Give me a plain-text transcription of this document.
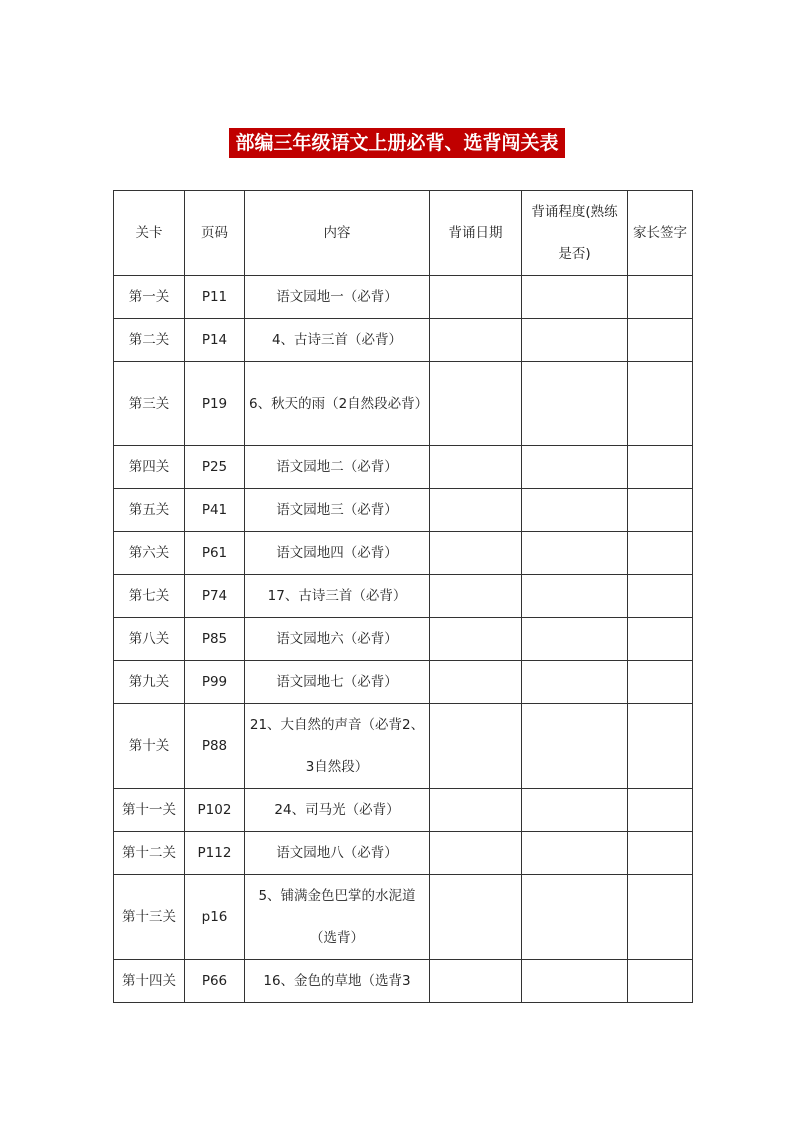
部编三年级语文上册必背、选背闯关表
关卡	页码	内容	背诵日期	背诵程度(熟练是否)	家长签字
第一关	P11	语文园地一（必背）			
第二关	P14	4、古诗三首（必背）			
第三关	P19	6、秋天的雨（2自然段必背）			
第四关	P25	语文园地二（必背）			
第五关	P41	语文园地三（必背）			
第六关	P61	语文园地四（必背）			
第七关	P74	17、古诗三首（必背）			
第八关	P85	语文园地六（必背）			
第九关	P99	语文园地七（必背）			
第十关	P88	21、大自然的声音（必背2、3自然段）			
第十一关	P102	24、司马光（必背）			
第十二关	P112	语文园地八（必背）			
第十三关	p16	5、铺满金色巴掌的水泥道（选背）			
第十四关	P66	16、金色的草地（选背3			
